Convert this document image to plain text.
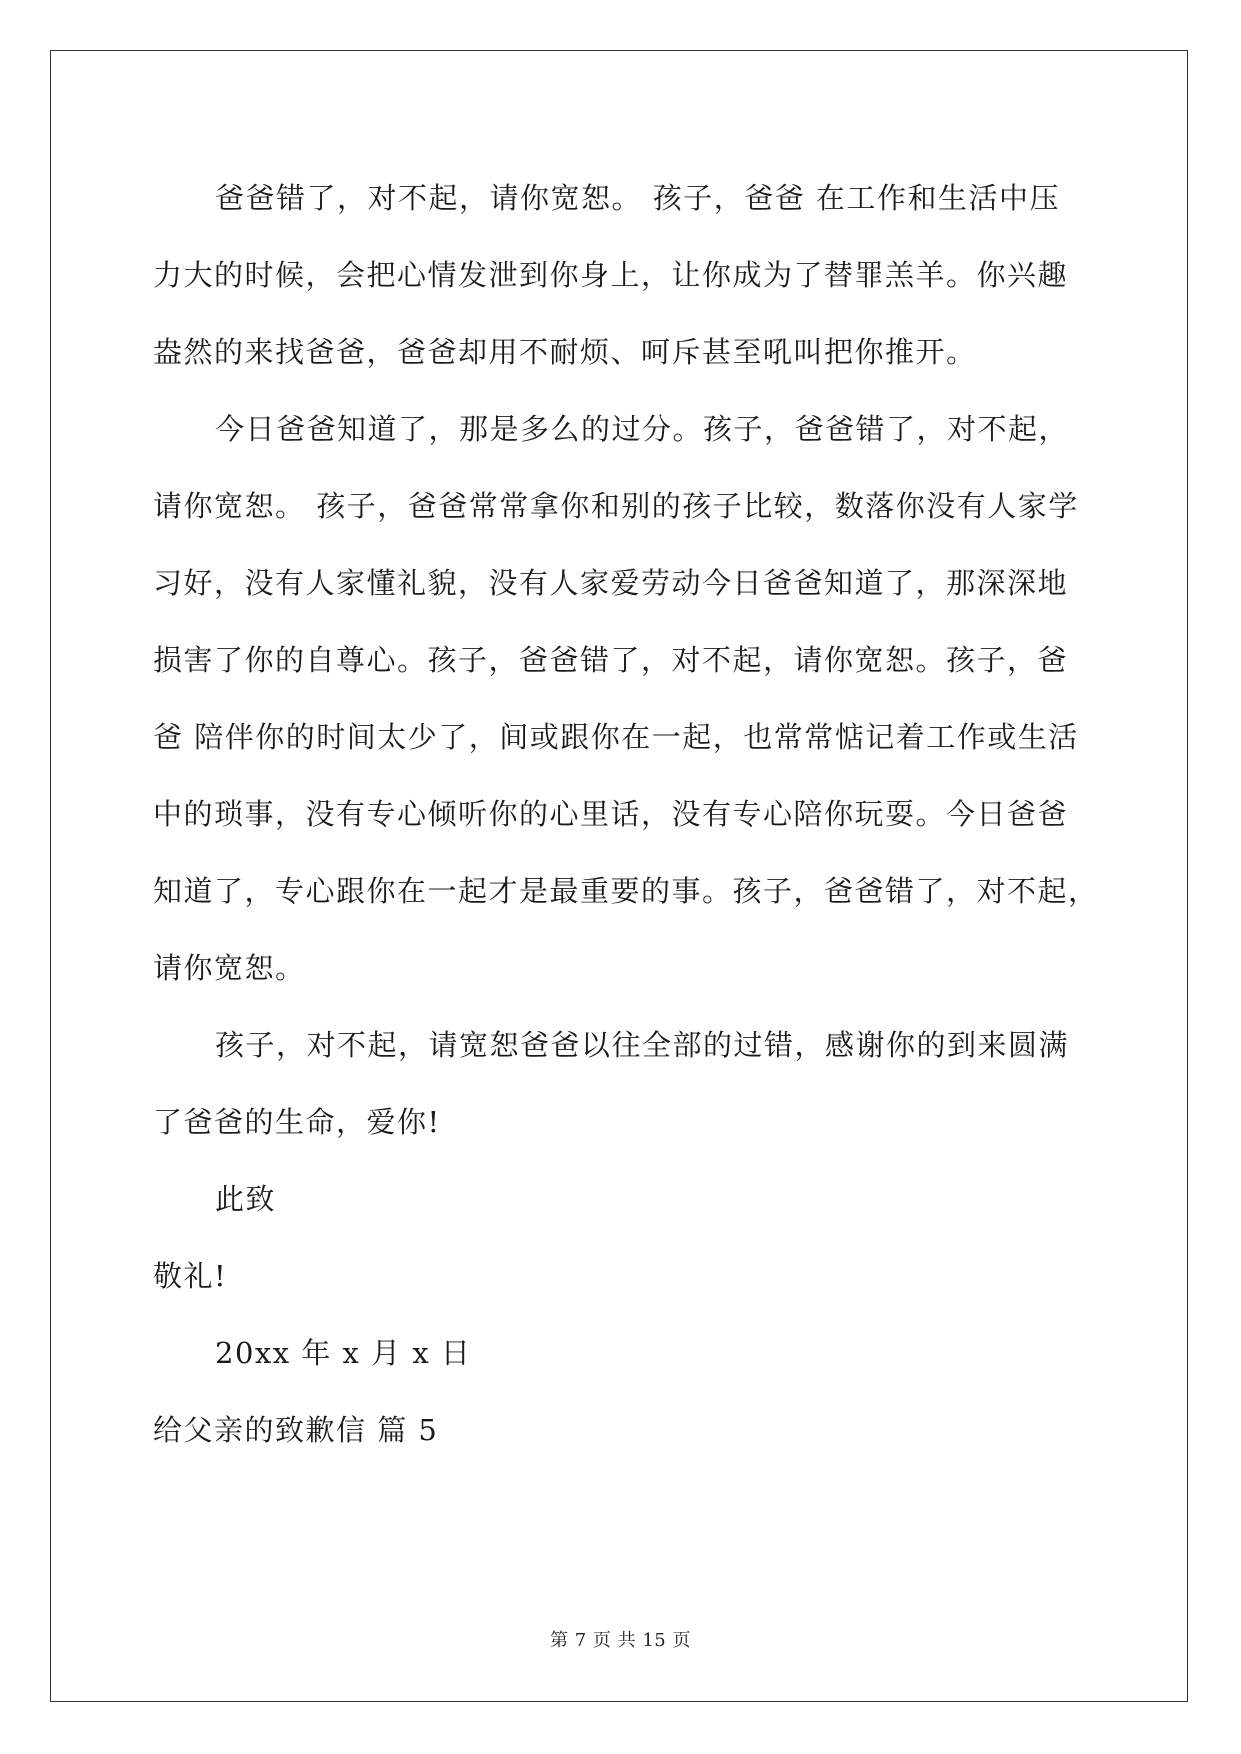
爸爸错了，对不起，请你宽恕。 孩子，爸爸 在工作和生活中压
力大的时候，会把心情发泄到你身上，让你成为了替罪羔羊。你兴趣
盎然的来找爸爸，爸爸却用不耐烦、呵斥甚至吼叫把你推开。
今日爸爸知道了，那是多么的过分。孩子，爸爸错了，对不起，
请你宽恕。 孩子，爸爸常常拿你和别的孩子比较，数落你没有人家学
习好，没有人家懂礼貌，没有人家爱劳动今日爸爸知道了，那深深地
损害了你的自尊心。孩子，爸爸错了，对不起，请你宽恕。孩子，爸
爸 陪伴你的时间太少了，间或跟你在一起，也常常惦记着工作或生活
中的琐事，没有专心倾听你的心里话，没有专心陪你玩耍。今日爸爸
知道了，专心跟你在一起才是最重要的事。孩子，爸爸错了，对不起，
请你宽恕。
孩子，对不起，请宽恕爸爸以往全部的过错，感谢你的到来圆满
了爸爸的生命，爱你!
此致
敬礼!
20xx 年 x 月 x 日
给父亲的致歉信 篇 5
第 7 页 共 15 页
